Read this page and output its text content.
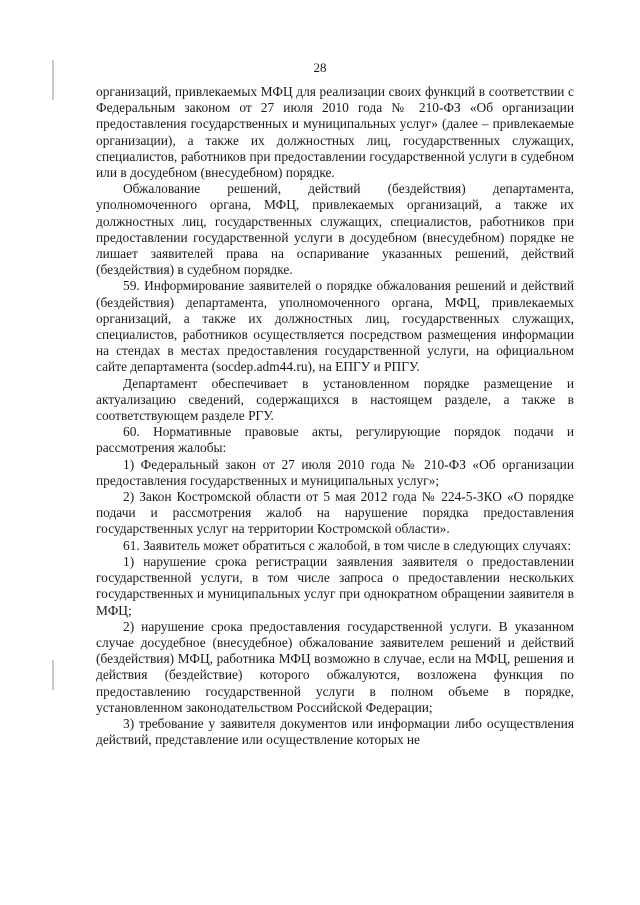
28

организаций, привлекаемых МФЦ для реализации своих функций в соответствии с Федеральным законом от 27 июля 2010 года № 210-ФЗ «Об организации предоставления государственных и муниципальных услуг» (далее – привлекаемые организации), а также их должностных лиц, государственных служащих, специалистов, работников при предоставлении государственной услуги в судебном или в досудебном (внесудебном) порядке.

Обжалование решений, действий (бездействия) департамента, уполномоченного органа, МФЦ, привлекаемых организаций, а также их должностных лиц, государственных служащих, специалистов, работников при предоставлении государственной услуги в досудебном (внесудебном) порядке не лишает заявителей права на оспаривание указанных решений, действий (бездействия) в судебном порядке.

59. Информирование заявителей о порядке обжалования решений и действий (бездействия) департамента, уполномоченного органа, МФЦ, привлекаемых организаций, а также их должностных лиц, государственных служащих, специалистов, работников осуществляется посредством размещения информации на стендах в местах предоставления государственной услуги, на официальном сайте департамента (socdep.adm44.ru), на ЕПГУ и РПГУ.

Департамент обеспечивает в установленном порядке размещение и актуализацию сведений, содержащихся в настоящем разделе, а также в соответствующем разделе РГУ.

60. Нормативные правовые акты, регулирующие порядок подачи и рассмотрения жалобы:

1) Федеральный закон от 27 июля 2010 года № 210-ФЗ «Об организации предоставления государственных и муниципальных услуг»;

2) Закон Костромской области от 5 мая 2012 года № 224-5-ЗКО «О порядке подачи и рассмотрения жалоб на нарушение порядка предоставления государственных услуг на территории Костромской области».

61. Заявитель может обратиться с жалобой, в том числе в следующих случаях:

1) нарушение срока регистрации заявления заявителя о предоставлении государственной услуги, в том числе запроса о предоставлении нескольких государственных и муниципальных услуг при однократном обращении заявителя в МФЦ;

2) нарушение срока предоставления государственной услуги. В указанном случае досудебное (внесудебное) обжалование заявителем решений и действий (бездействия) МФЦ, работника МФЦ возможно в случае, если на МФЦ, решения и действия (бездействие) которого обжалуются, возложена функция по предоставлению государственной услуги в полном объеме в порядке, установленном законодательством Российской Федерации;

3) требование у заявителя документов или информации либо осуществления действий, представление или осуществление которых не
